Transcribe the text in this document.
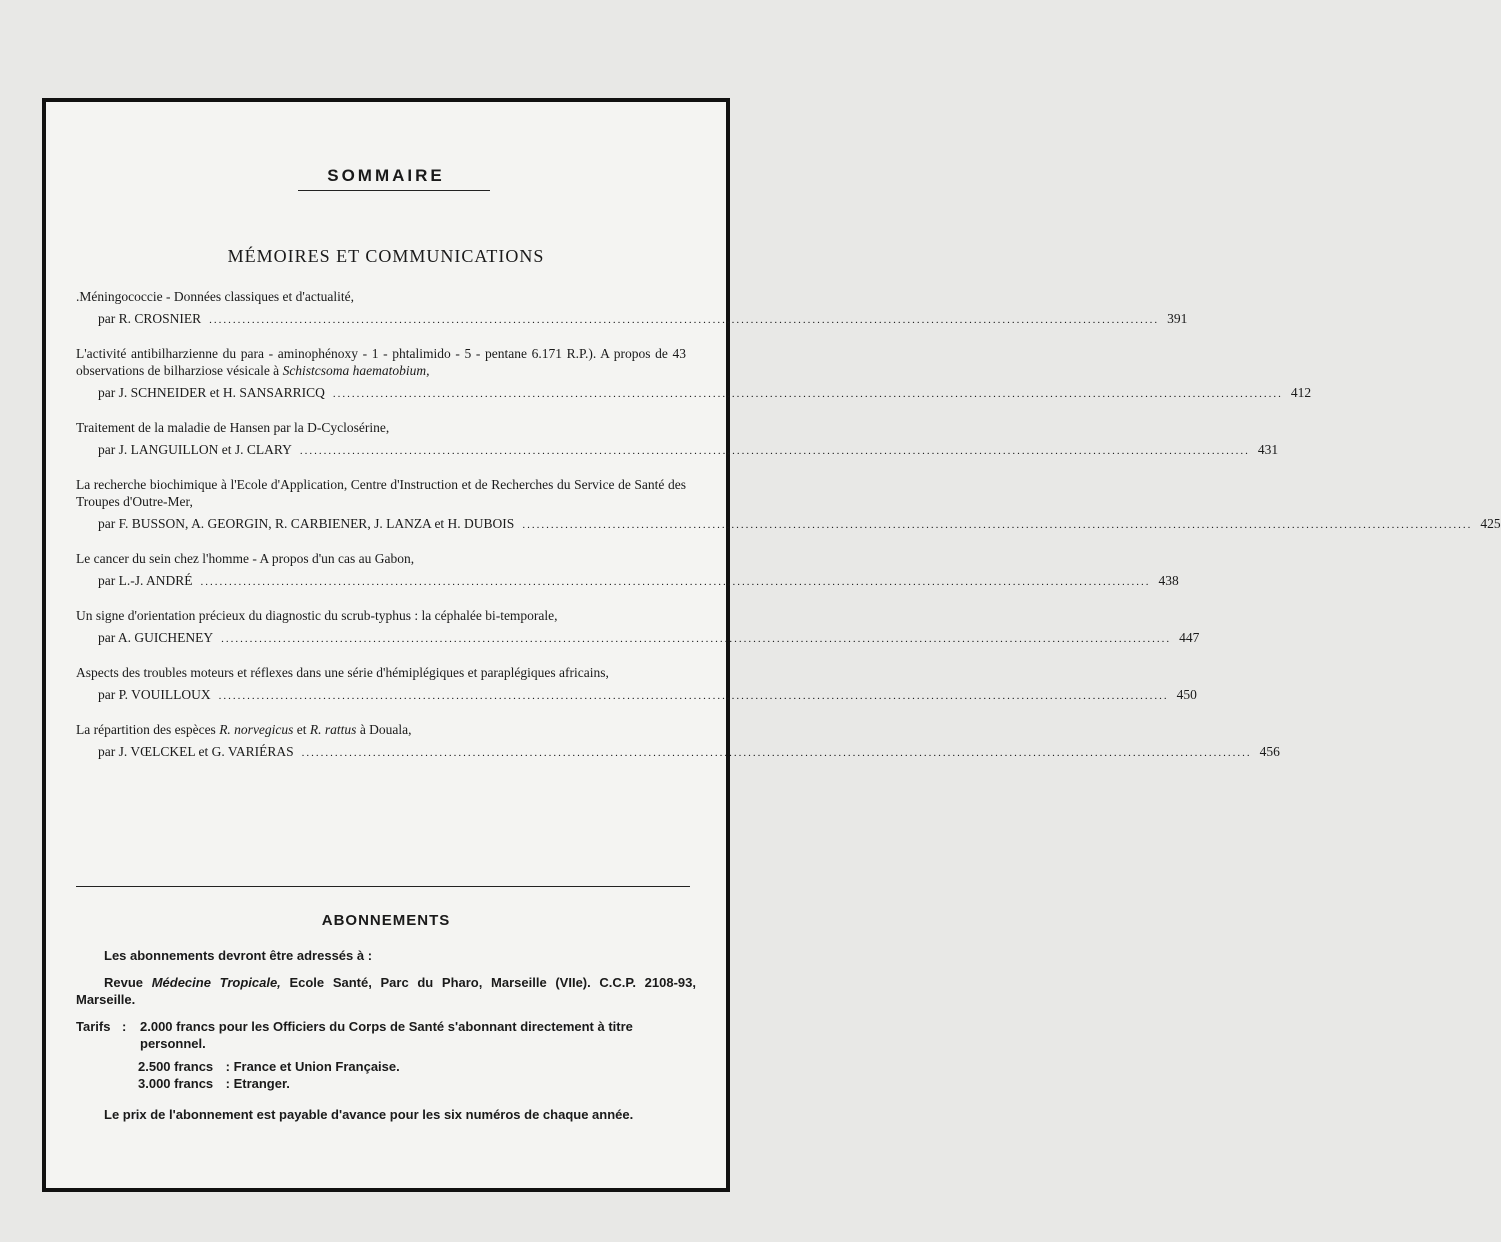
SOMMAIRE
MÉMOIRES ET COMMUNICATIONS
.Méningococcie - Données classiques et d'actualité,
par R. CROSNIER ........................................................................................................................................................................................................ 391
L'activité antibilharzienne du para - aminophénoxy - 1 - phtalimido - 5 - pentane 6.171 R.P.). A propos de 43 observations de bilharziose vésicale à Schistcsoma haematobium,
par J. SCHNEIDER et H. SANSARRICQ ........................................................................................................................................................................................................ 412
Traitement de la maladie de Hansen par la D-Cyclosérine,
par J. LANGUILLON et J. CLARY ........................................................................................................................................................................................................ 431
La recherche biochimique à l'Ecole d'Application, Centre d'Instruction et de Recherches du Service de Santé des Troupes d'Outre-Mer,
par F. BUSSON, A. GEORGIN, R. CARBIENER, J. LANZA et H. DUBOIS ........................................................................................................................................................................................................ 425
Le cancer du sein chez l'homme - A propos d'un cas au Gabon,
par L.-J. ANDRÉ ........................................................................................................................................................................................................ 438
Un signe d'orientation précieux du diagnostic du scrub-typhus : la céphalée bi-temporale,
par A. GUICHENEY ........................................................................................................................................................................................................ 447
Aspects des troubles moteurs et réflexes dans une série d'hémiplégiques et paraplégiques africains,
par P. VOUILLOUX ........................................................................................................................................................................................................ 450
La répartition des espèces R. norvegicus et R. rattus à Douala,
par J. VŒLCKEL et G. VARIÉRAS ........................................................................................................................................................................................................ 456
ABONNEMENTS

Les abonnements devront être adressés à :

Revue Médecine Tropicale, Ecole Santé, Parc du Pharo, Marseille (VIIe). C.C.P. 2108-93, Marseille.

Tarifs :	2.000 francs pour les Officiers du Corps de Santé s'abonnant directement à titre personnel.
2.500 francs : France et Union Française.
3.000 francs : Etranger.

Le prix de l'abonnement est payable d'avance pour les six numéros de chaque année.
